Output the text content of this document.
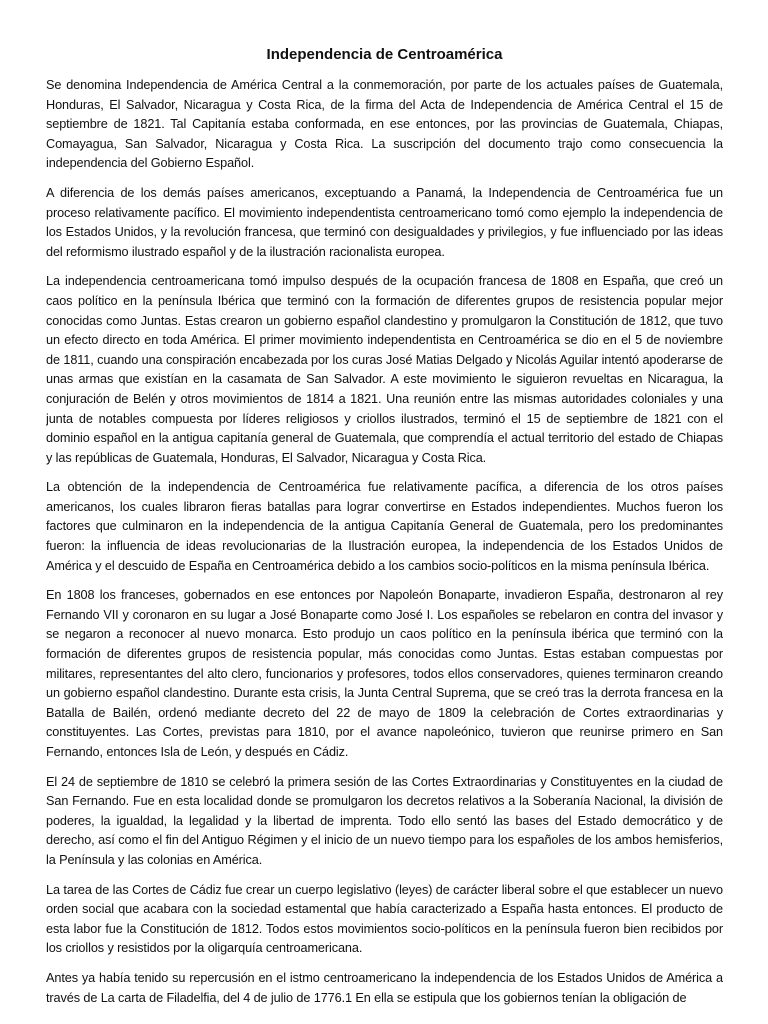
Independencia de Centroamérica

Se denomina Independencia de América Central a la conmemoración, por parte de los actuales países de Guatemala, Honduras, El Salvador, Nicaragua y Costa Rica, de la firma del Acta de Independencia de América Central el 15 de septiembre de 1821. Tal Capitanía estaba conformada, en ese entonces, por las provincias de Guatemala, Chiapas, Comayagua, San Salvador, Nicaragua y Costa Rica. La suscripción del documento trajo como consecuencia la independencia del Gobierno Español.

A diferencia de los demás países americanos, exceptuando a Panamá, la Independencia de Centroamérica fue un proceso relativamente pacífico. El movimiento independentista centroamericano tomó como ejemplo la independencia de los Estados Unidos, y la revolución francesa, que terminó con desigualdades y privilegios, y fue influenciado por las ideas del reformismo ilustrado español y de la ilustración racionalista europea.

La independencia centroamericana tomó impulso después de la ocupación francesa de 1808 en España, que creó un caos político en la península Ibérica que terminó con la formación de diferentes grupos de resistencia popular mejor conocidas como Juntas. Estas crearon un gobierno español clandestino y promulgaron la Constitución de 1812, que tuvo un efecto directo en toda América. El primer movimiento independentista en Centroamérica se dio en el 5 de noviembre de 1811, cuando una conspiración encabezada por los curas José Matias Delgado y Nicolás Aguilar intentó apoderarse de unas armas que existían en la casamata de San Salvador. A este movimiento le siguieron revueltas en Nicaragua, la conjuración de Belén y otros movimientos de 1814 a 1821. Una reunión entre las mismas autoridades coloniales y una junta de notables compuesta por líderes religiosos y criollos ilustrados, terminó el 15 de septiembre de 1821 con el dominio español en la antigua capitanía general de Guatemala, que comprendía el actual territorio del estado de Chiapas y las repúblicas de Guatemala, Honduras, El Salvador, Nicaragua y Costa Rica.

La obtención de la independencia de Centroamérica fue relativamente pacífica, a diferencia de los otros países americanos, los cuales libraron fieras batallas para lograr convertirse en Estados independientes. Muchos fueron los factores que culminaron en la independencia de la antigua Capitanía General de Guatemala, pero los predominantes fueron: la influencia de ideas revolucionarias de la Ilustración europea, la independencia de los Estados Unidos de América y el descuido de España en Centroamérica debido a los cambios socio-políticos en la misma península Ibérica.

En 1808 los franceses, gobernados en ese entonces por Napoleón Bonaparte, invadieron España, destronaron al rey Fernando VII y coronaron en su lugar a José Bonaparte como José I. Los españoles se rebelaron en contra del invasor y se negaron a reconocer al nuevo monarca. Esto produjo un caos político en la península ibérica que terminó con la formación de diferentes grupos de resistencia popular, más conocidas como Juntas. Estas estaban compuestas por militares, representantes del alto clero, funcionarios y profesores, todos ellos conservadores, quienes terminaron creando un gobierno español clandestino. Durante esta crisis, la Junta Central Suprema, que se creó tras la derrota francesa en la Batalla de Bailén, ordenó mediante decreto del 22 de mayo de 1809 la celebración de Cortes extraordinarias y constituyentes. Las Cortes, previstas para 1810, por el avance napoleónico, tuvieron que reunirse primero en San Fernando, entonces Isla de León, y después en Cádiz.

El 24 de septiembre de 1810 se celebró la primera sesión de las Cortes Extraordinarias y Constituyentes en la ciudad de San Fernando. Fue en esta localidad donde se promulgaron los decretos relativos a la Soberanía Nacional, la división de poderes, la igualdad, la legalidad y la libertad de imprenta. Todo ello sentó las bases del Estado democrático y de derecho, así como el fin del Antiguo Régimen y el inicio de un nuevo tiempo para los españoles de los ambos hemisferios, la Península y las colonias en América.

La tarea de las Cortes de Cádiz fue crear un cuerpo legislativo (leyes) de carácter liberal sobre el que establecer un nuevo orden social que acabara con la sociedad estamental que había caracterizado a España hasta entonces. El producto de esta labor fue la Constitución de 1812. Todos estos movimientos socio-políticos en la península fueron bien recibidos por los criollos y resistidos por la oligarquía centroamericana.

Antes ya había tenido su repercusión en el istmo centroamericano la independencia de los Estados Unidos de América a través de La carta de Filadelfia, del 4 de julio de 1776.1 En ella se estipula que los gobiernos tenían la obligación de
